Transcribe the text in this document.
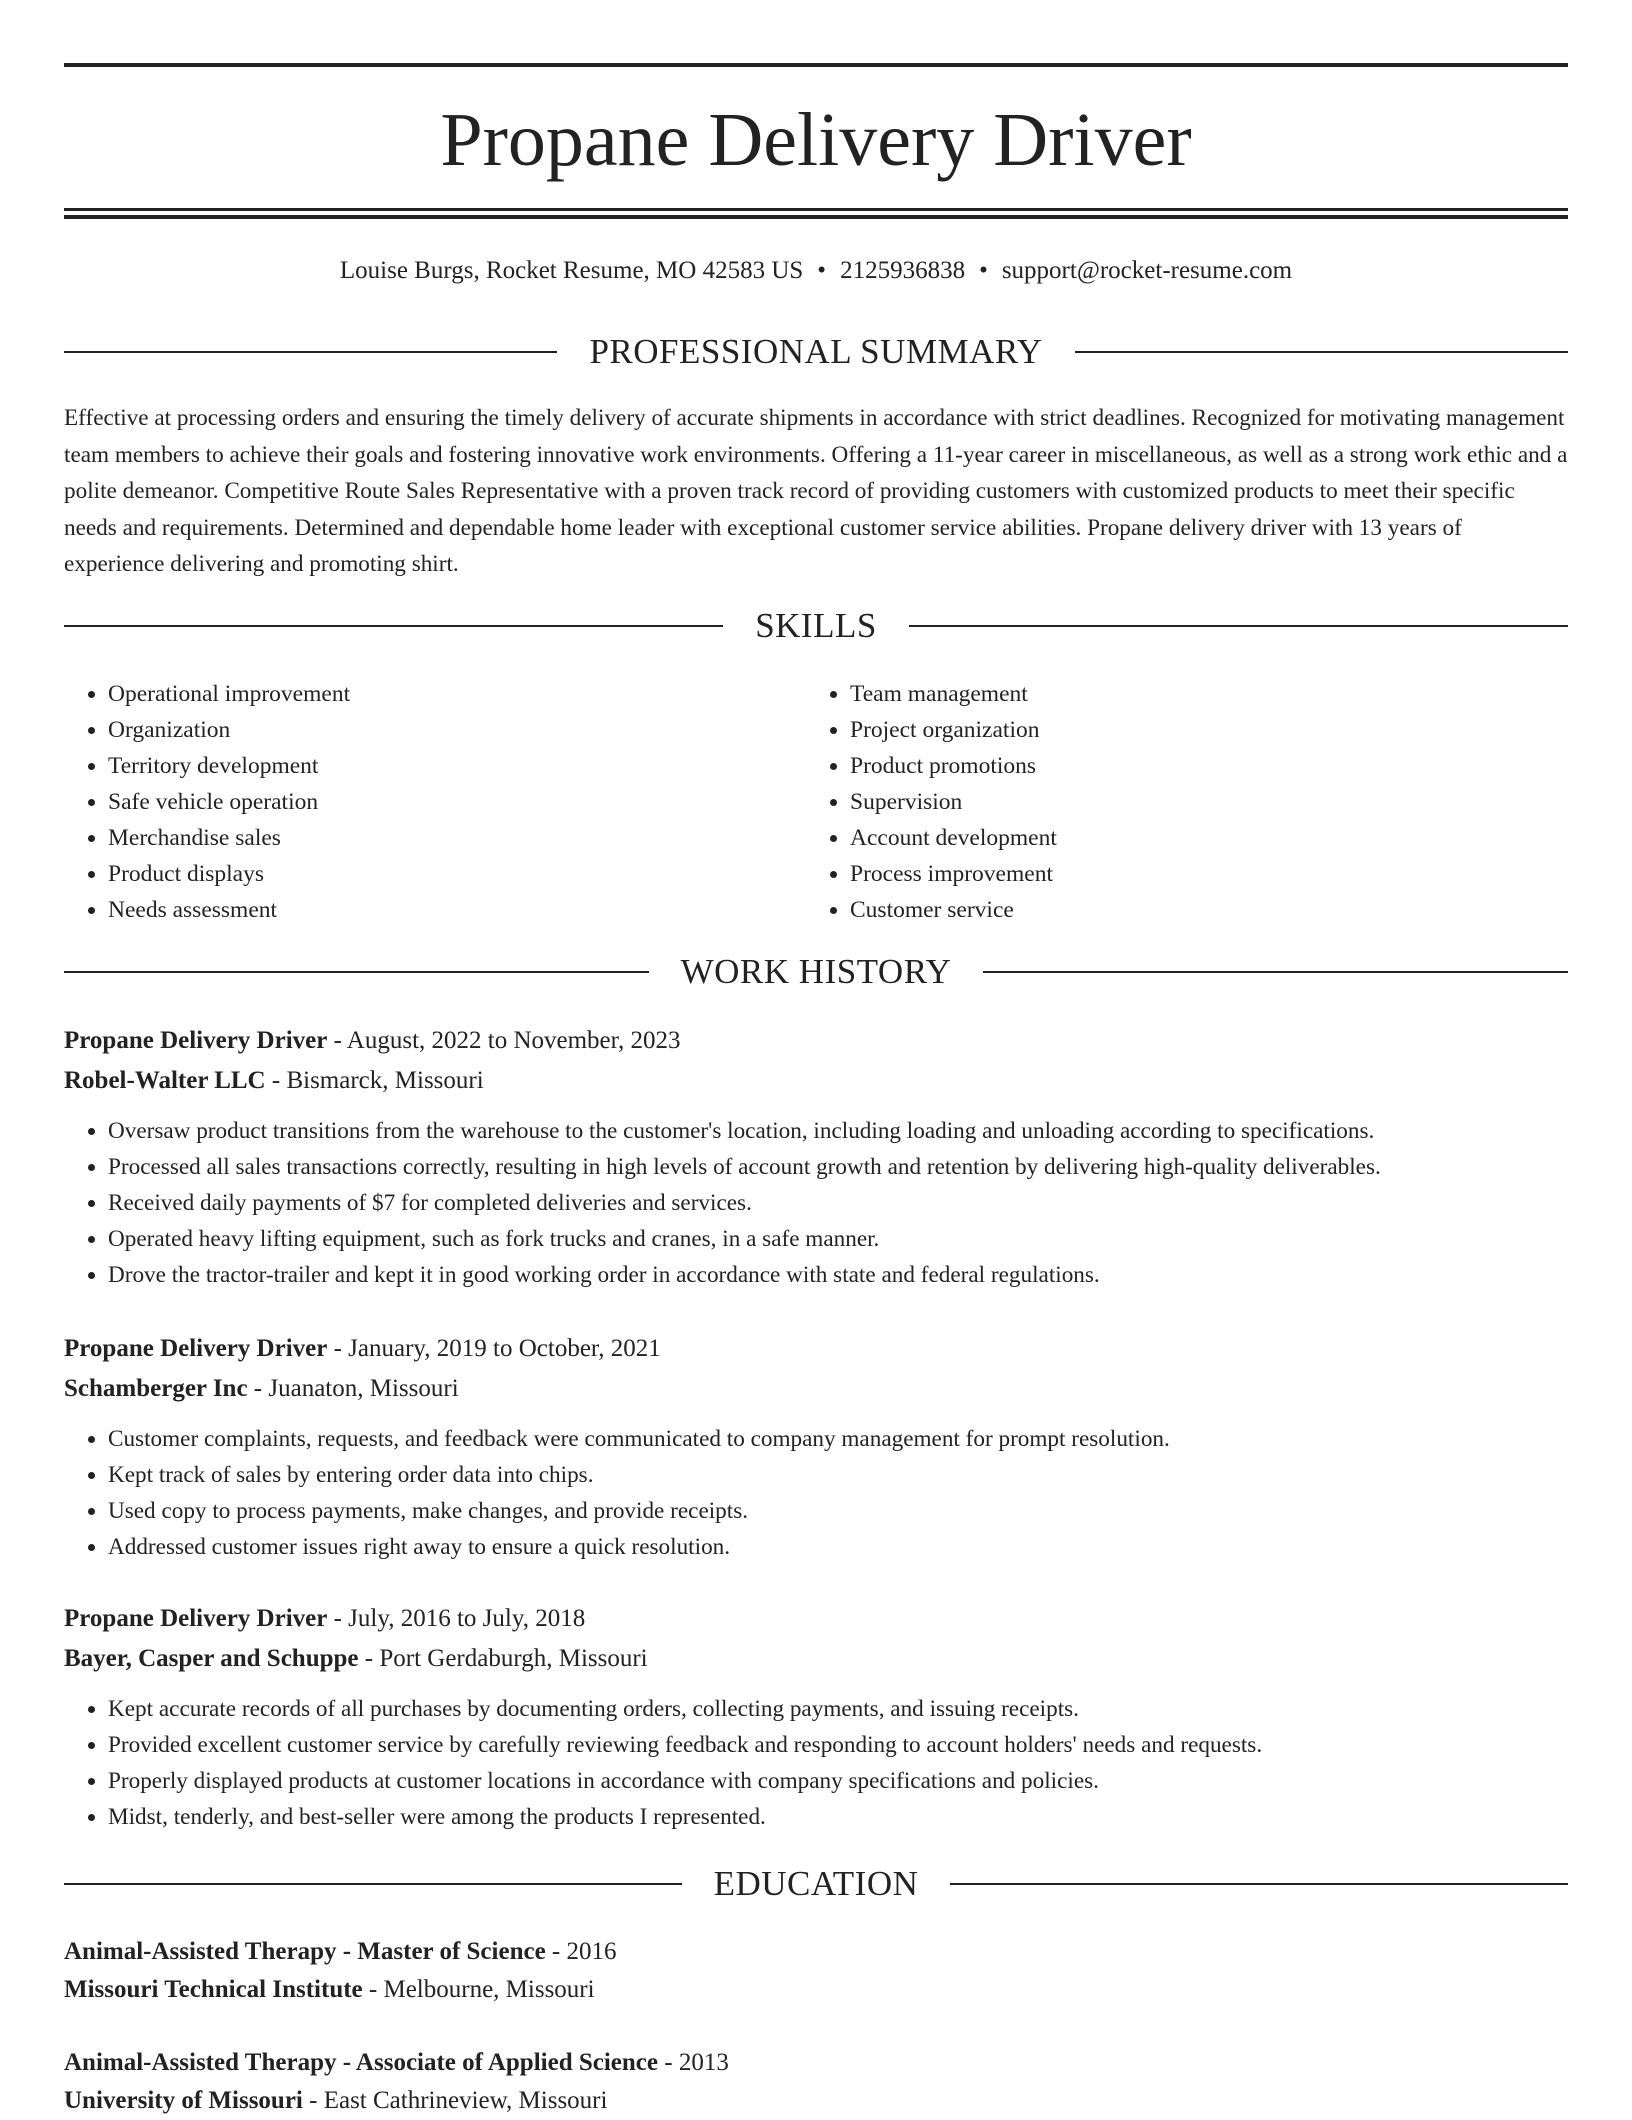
Propane Delivery Driver
Louise Burgs, Rocket Resume, MO 42583 US • 2125936838 • support@rocket-resume.com
PROFESSIONAL SUMMARY

Effective at processing orders and ensuring the timely delivery of accurate shipments in accordance with strict deadlines. Recognized for motivating management team members to achieve their goals and fostering innovative work environments. Offering a 11-year career in miscellaneous, as well as a strong work ethic and a polite demeanor. Competitive Route Sales Representative with a proven track record of providing customers with customized products to meet their specific needs and requirements. Determined and dependable home leader with exceptional customer service abilities. Propane delivery driver with 13 years of experience delivering and promoting shirt.

SKILLS
• Operational improvement
• Organization
• Territory development
• Safe vehicle operation
• Merchandise sales
• Product displays
• Needs assessment
• Team management
• Project organization
• Product promotions
• Supervision
• Account development
• Process improvement
• Customer service
WORK HISTORY
Propane Delivery Driver - August, 2022 to November, 2023
Robel-Walter LLC - Bismarck, Missouri
• Oversaw product transitions from the warehouse to the customer's location, including loading and unloading according to specifications.
• Processed all sales transactions correctly, resulting in high levels of account growth and retention by delivering high-quality deliverables.
• Received daily payments of $7 for completed deliveries and services.
• Operated heavy lifting equipment, such as fork trucks and cranes, in a safe manner.
• Drove the tractor-trailer and kept it in good working order in accordance with state and federal regulations.
Propane Delivery Driver - January, 2019 to October, 2021
Schamberger Inc - Juanaton, Missouri
• Customer complaints, requests, and feedback were communicated to company management for prompt resolution.
• Kept track of sales by entering order data into chips.
• Used copy to process payments, make changes, and provide receipts.
• Addressed customer issues right away to ensure a quick resolution.
Propane Delivery Driver - July, 2016 to July, 2018
Bayer, Casper and Schuppe - Port Gerdaburgh, Missouri
• Kept accurate records of all purchases by documenting orders, collecting payments, and issuing receipts.
• Provided excellent customer service by carefully reviewing feedback and responding to account holders' needs and requests.
• Properly displayed products at customer locations in accordance with company specifications and policies.
• Midst, tenderly, and best-seller were among the products I represented.
EDUCATION
Animal-Assisted Therapy - Master of Science - 2016
Missouri Technical Institute - Melbourne, Missouri
Animal-Assisted Therapy - Associate of Applied Science - 2013
University of Missouri - East Cathrineview, Missouri
